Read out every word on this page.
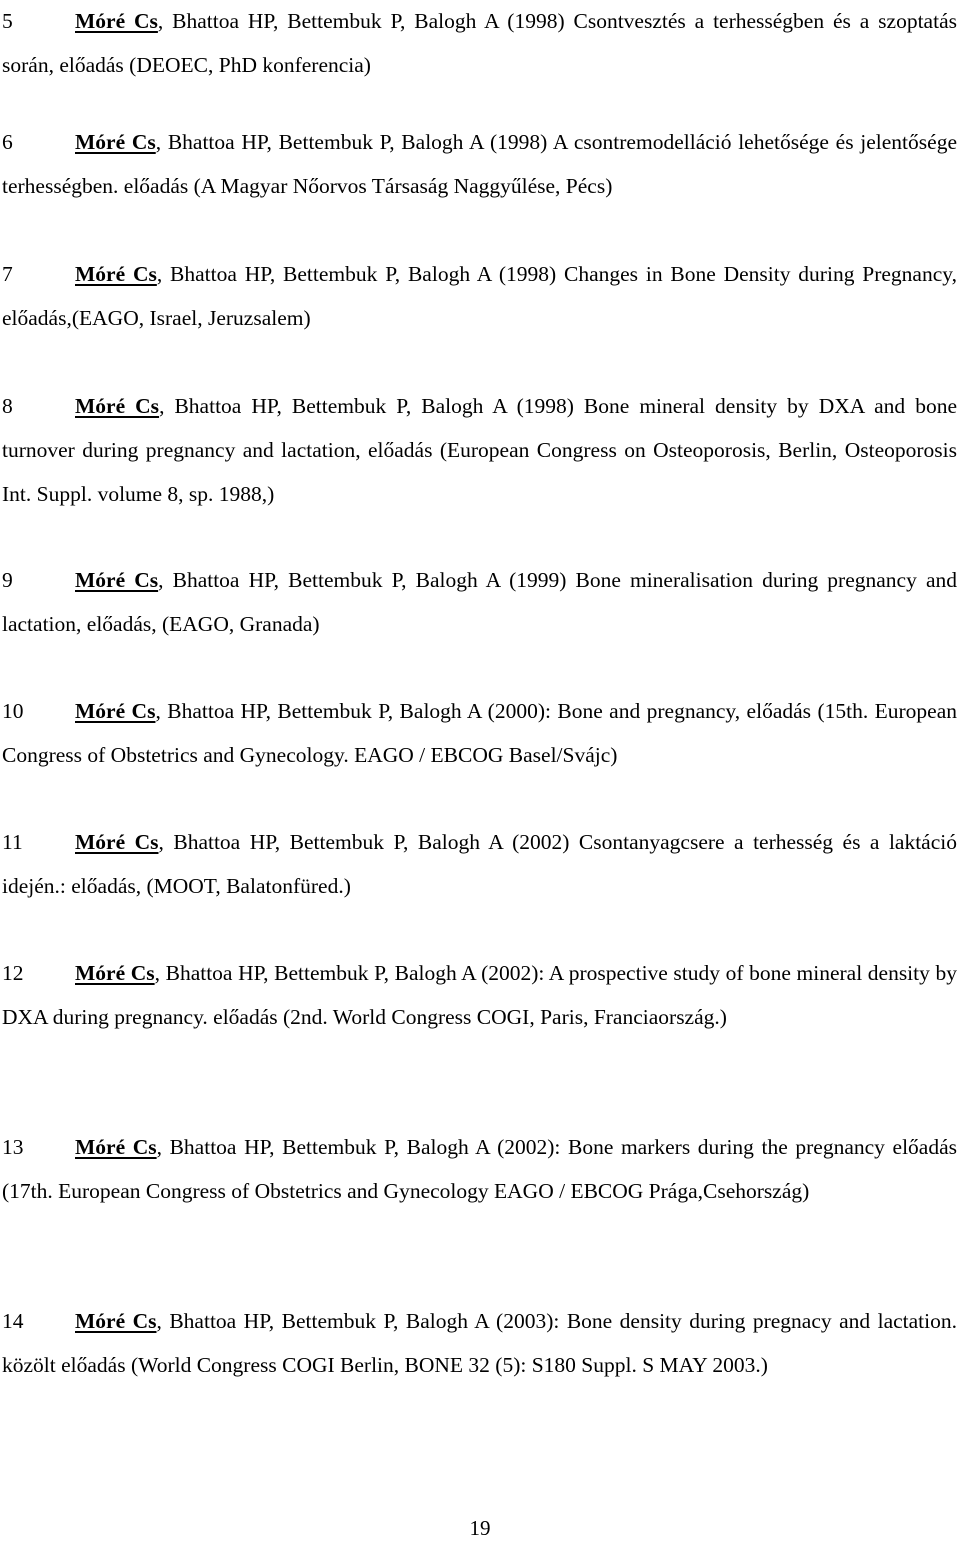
5	Móré Cs, Bhattoa HP, Bettembuk P, Balogh A (1998) Csontvesztés a terhességben és a szoptatás során, előadás (DEOEC, PhD konferencia)

6	Móré Cs, Bhattoa HP, Bettembuk P, Balogh A (1998) A csontremodelláció lehetősége és jelentősége terhességben. előadás (A Magyar Nőorvos Társaság Naggyűlése, Pécs)

7	Móré Cs, Bhattoa HP, Bettembuk P, Balogh A (1998) Changes in Bone Density during Pregnancy, előadás,(EAGO, Israel, Jeruzsalem)

8	Móré Cs, Bhattoa HP, Bettembuk P, Balogh A (1998) Bone mineral density by DXA and bone turnover during pregnancy and lactation, előadás (European Congress on Osteoporosis, Berlin, Osteoporosis Int. Suppl. volume 8, sp. 1988,)

9	Móré Cs, Bhattoa HP, Bettembuk P, Balogh A (1999) Bone mineralisation during pregnancy and lactation, előadás, (EAGO, Granada)

10 Móré Cs, Bhattoa HP, Bettembuk P, Balogh A (2000): Bone and pregnancy, előadás (15th. European Congress of Obstetrics and Gynecology. EAGO / EBCOG Basel/Svájc)

11 Móré Cs, Bhattoa HP, Bettembuk P, Balogh A (2002) Csontanyagcsere a terhesség és a laktáció idején.: előadás, (MOOT, Balatonfüred.)

12 Móré Cs, Bhattoa HP, Bettembuk P, Balogh A (2002): A prospective study of bone mineral density by DXA during pregnancy. előadás (2nd. World Congress COGI, Paris, Franciaország.)

13 Móré Cs, Bhattoa HP, Bettembuk P, Balogh A (2002): Bone markers during the pregnancy előadás (17th. European Congress of Obstetrics and Gynecology EAGO / EBCOG Prága,Csehország)

14 Móré Cs, Bhattoa HP, Bettembuk P, Balogh A (2003): Bone density during pregnacy and lactation. közölt előadás (World Congress COGI Berlin, BONE 32 (5): S180 Suppl. S MAY 2003.)

19
